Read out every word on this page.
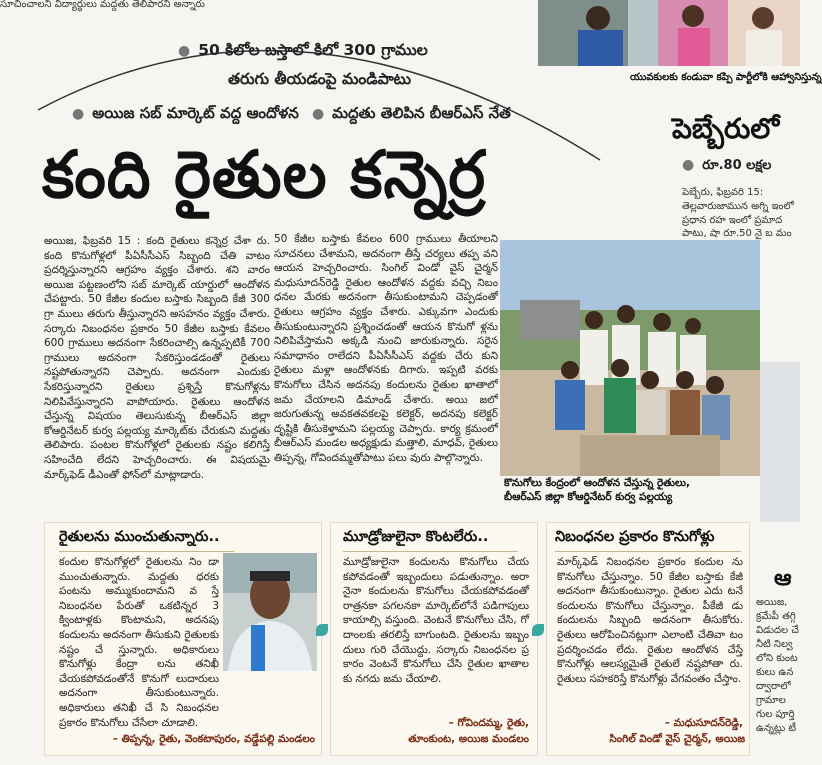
సూచించాలని విద్యార్థులు మద్దతు తెలిపారని అన్నారు
యువకులకు కండువా కప్పి పార్టీలోకి ఆహ్వానిస్తున్న
● 50 కిలోల బస్తాలో కిలో 300 గ్రాముల
తరుగు తీయడంపై మండిపాటు
● అయిజ సబ్ మార్కెట్ వద్ద ఆందోళన ● మద్దతు తెలిపిన బీఆర్ఎస్ నేత
కంది రైతుల కన్నెర్ర
పెబ్బేరులో
● రూ.80 లక్షల
పెబ్బేరు, ఫిబ్రవరి 15: తెల్లవారుజామున అగ్ని ఇంలో ప్రధాన రహ ఇంలో ప్రమాద పాటు, షా రూ.50 నై బ మం
అయిజ, ఫిబ్రవరి 15 : కంది రైతులు కన్నెర్ర చేశా రు. కంది కొనుగోళ్లలో పీఏసీసీఎస్ సిబ్బంది చేతి వాటం ప్రదర్శిస్తున్నారని ఆగ్రహం వ్యక్తం చేశారు. శని వారం అయిజ పట్టణంలోని సబ్ మార్కెట్ యార్డులో ఆందోళన చేపట్టారు. 50 కేజీల కందుల బస్తాకు సిబ్బంది కేజీ 300 గ్రా ములు తరుగు తీస్తున్నారని అసహనం వ్యక్తం చేశారు. సర్కారు నిబంధనల ప్రకారం 50 కేజీల బస్తాకు కేవలం 600 గ్రాములు అదనంగా సేకరించాల్సి ఉన్నప్పటికీ 700 గ్రాములు అదనంగా సేకరిస్తుండడంతో రైతులు నష్టపోతున్నారని చెప్పారు. అదనంగా ఎందుకు సేకరిస్తున్నారని రైతులు ప్రశ్నిస్తే కొనుగోళ్లను నిలిపివేస్తున్నారని వాపోయారు. రైతులు ఆందోళన చేస్తున్న విషయం తెలుసుకున్న బీఆర్ఎస్ జిల్లా కోఆర్డినేటర్ కుర్వ పల్లయ్య మార్కెట్‌కు చేరుకుని మద్దతు తెలిపారు. పంటల కొనుగోళ్లలో రైతులకు నష్టం కలిగిస్తే సహించేది లేదని హెచ్చరించారు. ఈ విషయమై మార్క్‌ఫెడ్ డీఎంతో ఫోన్‌లో మాట్లాడారు.
50 కేజీల బస్తాకు కేవలం 600 గ్రాములు తీయాలని సూచనలు చేశామని, అదనంగా తీస్తే చర్యలు తప్ప వని ఆయన హెచ్చరించారు. సింగిల్ విండో వైస్ చైర్మన్ మధుసూదన్‌రెడ్డి రైతుల ఆందోళన వద్దకు వచ్చి నిబం ధనల మేరకు అదనంగా తీసుకుంటామని చెప్పడంతో రైతులు ఆగ్రహం వ్యక్తం చేశారు. ఎక్కువగా ఎందుకు తీసుకుంటున్నారని ప్రశ్నించడంతో ఆయన కొనుగో ళ్లను నిలిపివేస్తామని అక్కడి నుంచి జారుకున్నారు. సరైన సమాధానం రాలేదని పీఏసీసీఎస్ వద్దకు చేరు కుని రైతులు మళ్లా ఆందోళనకు దిగారు. ఇప్పటి వరకు కొనుగోలు చేసిన అదనపు కందులను రైతుల ఖాతాలో జమ చేయాలని డిమాండ్ చేశారు. అయి జలో జరుగుతున్న అవకతవకలపై కలెక్టర్, అదనపు కలెక్టర్ దృష్టికి తీసుకెళ్తామని పల్లయ్య చెప్పారు. కార్య క్రమంలో బీఆర్ఎస్ మండల అధ్యక్షుడు మత్తాలి, మాధవ్, రైతులు తిప్పన్న, గోవిందమ్మతోపాటు పలు వురు పాల్గొన్నారు.
కొనుగోలు కేంద్రంలో ఆందోళన చేస్తున్న రైతులు,
బీఆర్ఎస్ జిల్లా కోఆర్డినేటర్ కుర్వ పల్లయ్య
రైతులను ముంచుతున్నారు..
కందుల కొనుగోళ్లలో రైతులను నిం డా ముంచుతున్నారు. మద్దతు ధరకు పంటను అమ్ముకుందామని వ స్తే నిబంధనల పేరుతో ఒకటిన్నర 3 క్వింటాళ్లకు కొంటామని, అదనపు కందులను అదనంగా తీసుకుని రైతులకు నష్టం చే స్తున్నారు. అధికారులు కొనుగోళ్లు కేంద్రా లను తనిఖీ చేయకపోవడంతోనే కొనుగో లుదారులు అదనంగా తీసుకుంటున్నారు. అధికారులు తనిఖీ చే సి నిబంధనల ప్రకారం కొనుగోలు చేసేలా చూడాలి.
– తిప్పన్న, రైతు, వెంకటాపురం, వడ్డేపల్లి మండలం
మూడ్రోజులైనా కొంటలేరు..
మూడ్రోజులైనా కందులను కొనుగోలు చేయ కపోవడంతో ఇబ్బందులు పడుతున్నాం. అరా నైనా కందులను కొనుగోలు చేయకపోవడంతో రాత్రనకా పగలనకా మార్కెట్‌లోనే పడిగాపులు కాయాల్సి వస్తుంది. వెంటనే కొనుగోలు చేసి, గో దాంలకు తరలిస్తే బాగుంటది. రైతులను ఇబ్బం దులు గురి చేయొద్దు. సర్కారు నిబంధనల ప్ర కారం వెంటనే కొనుగోలు చేసి రైతుల ఖాతాల కు నగదు జమ చేయాలి.
– గోవిందమ్మ, రైతు,
తూంకుంట, అయిజ మండలం
నిబంధనల ప్రకారం కొనుగోళ్లు
మార్క్‌ఫెడ్ నిబంధనల ప్రకారం కందుల ను కొనుగోలు చేస్తున్నాం. 50 కేజీల బస్తాకు కేజీ అదనంగా తీసుకుంటున్నాం. రైతుల ఎదు టనే కందులను కొనుగోలు చేస్తున్నాం. పీకేజీ డు కందులను సిబ్బంది అదనంగా తీసుకోరు. రైతులు ఆరోపించినట్లుగా ఎలాంటి చేతివా టం ప్రదర్శించడం లేదు. రైతుల ఆందోళన చేస్తే కొనుగోళ్లు ఆలస్యమైతే రైతులే నష్టపోతా రు. రైతులు సహకరిస్తే కొనుగోళ్లు వేగవంతం చేస్తాం.
– మధుసూదన్‌రెడ్డి,
సింగిల్ విండో వైస్ చైర్మన్, అయిజ
ఆ
అయిజ, క్రమేపీ తగ్గి విడుదల చే నీటి నిల్వ లోని కుంట కులు ఉన ద్వారాలో గ్రామాల గుల పూర్తి ఉన్నట్లు టీ
